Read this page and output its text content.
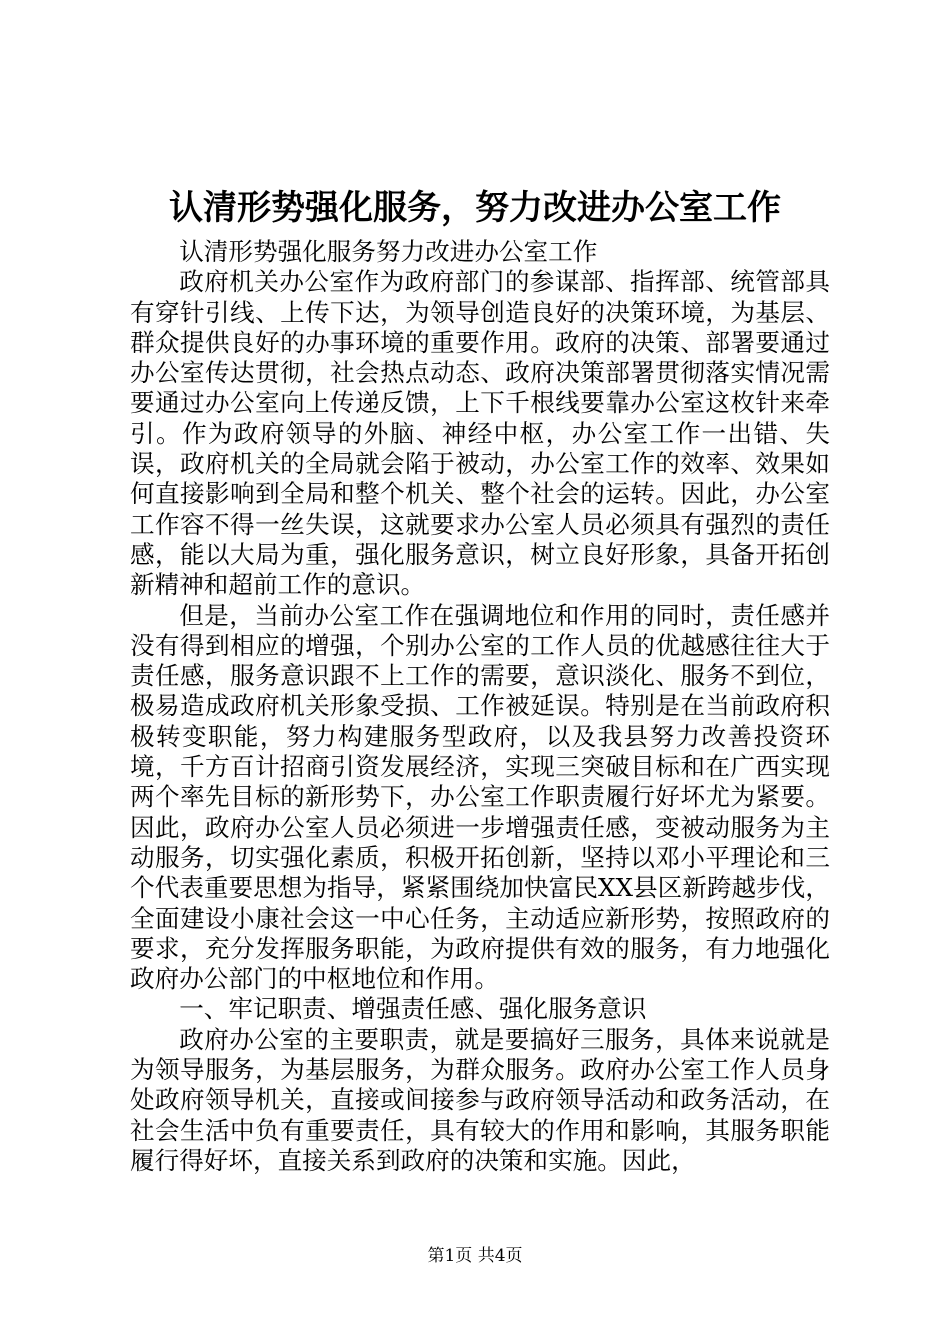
认清形势强化服务，努力改进办公室工作

认清形势强化服务努力改进办公室工作

政府机关办公室作为政府部门的参谋部、指挥部、统管部具有穿针引线、上传下达，为领导创造良好的决策环境，为基层、群众提供良好的办事环境的重要作用。政府的决策、部署要通过办公室传达贯彻，社会热点动态、政府决策部署贯彻落实情况需要通过办公室向上传递反馈，上下千根线要靠办公室这枚针来牵引。作为政府领导的外脑、神经中枢，办公室工作一出错、失误，政府机关的全局就会陷于被动，办公室工作的效率、效果如何直接影响到全局和整个机关、整个社会的运转。因此，办公室工作容不得一丝失误，这就要求办公室人员必须具有强烈的责任感，能以大局为重，强化服务意识，树立良好形象，具备开拓创新精神和超前工作的意识。

但是，当前办公室工作在强调地位和作用的同时，责任感并没有得到相应的增强，个别办公室的工作人员的优越感往往大于责任感，服务意识跟不上工作的需要，意识淡化、服务不到位，极易造成政府机关形象受损、工作被延误。特别是在当前政府积极转变职能，努力构建服务型政府，以及我县努力改善投资环境，千方百计招商引资发展经济，实现三突破目标和在广西实现两个率先目标的新形势下，办公室工作职责履行好坏尤为紧要。因此，政府办公室人员必须进一步增强责任感，变被动服务为主动服务，切实强化素质，积极开拓创新，坚持以邓小平理论和三个代表重要思想为指导，紧紧围绕加快富民XX县区新跨越步伐，全面建设小康社会这一中心任务，主动适应新形势，按照政府的要求，充分发挥服务职能，为政府提供有效的服务，有力地强化政府办公部门的中枢地位和作用。

一、牢记职责、增强责任感、强化服务意识

政府办公室的主要职责，就是要搞好三服务，具体来说就是为领导服务，为基层服务，为群众服务。政府办公室工作人员身处政府领导机关，直接或间接参与政府领导活动和政务活动，在社会生活中负有重要责任，具有较大的作用和影响，其服务职能履行得好坏，直接关系到政府的决策和实施。因此，

第1页 共4页
